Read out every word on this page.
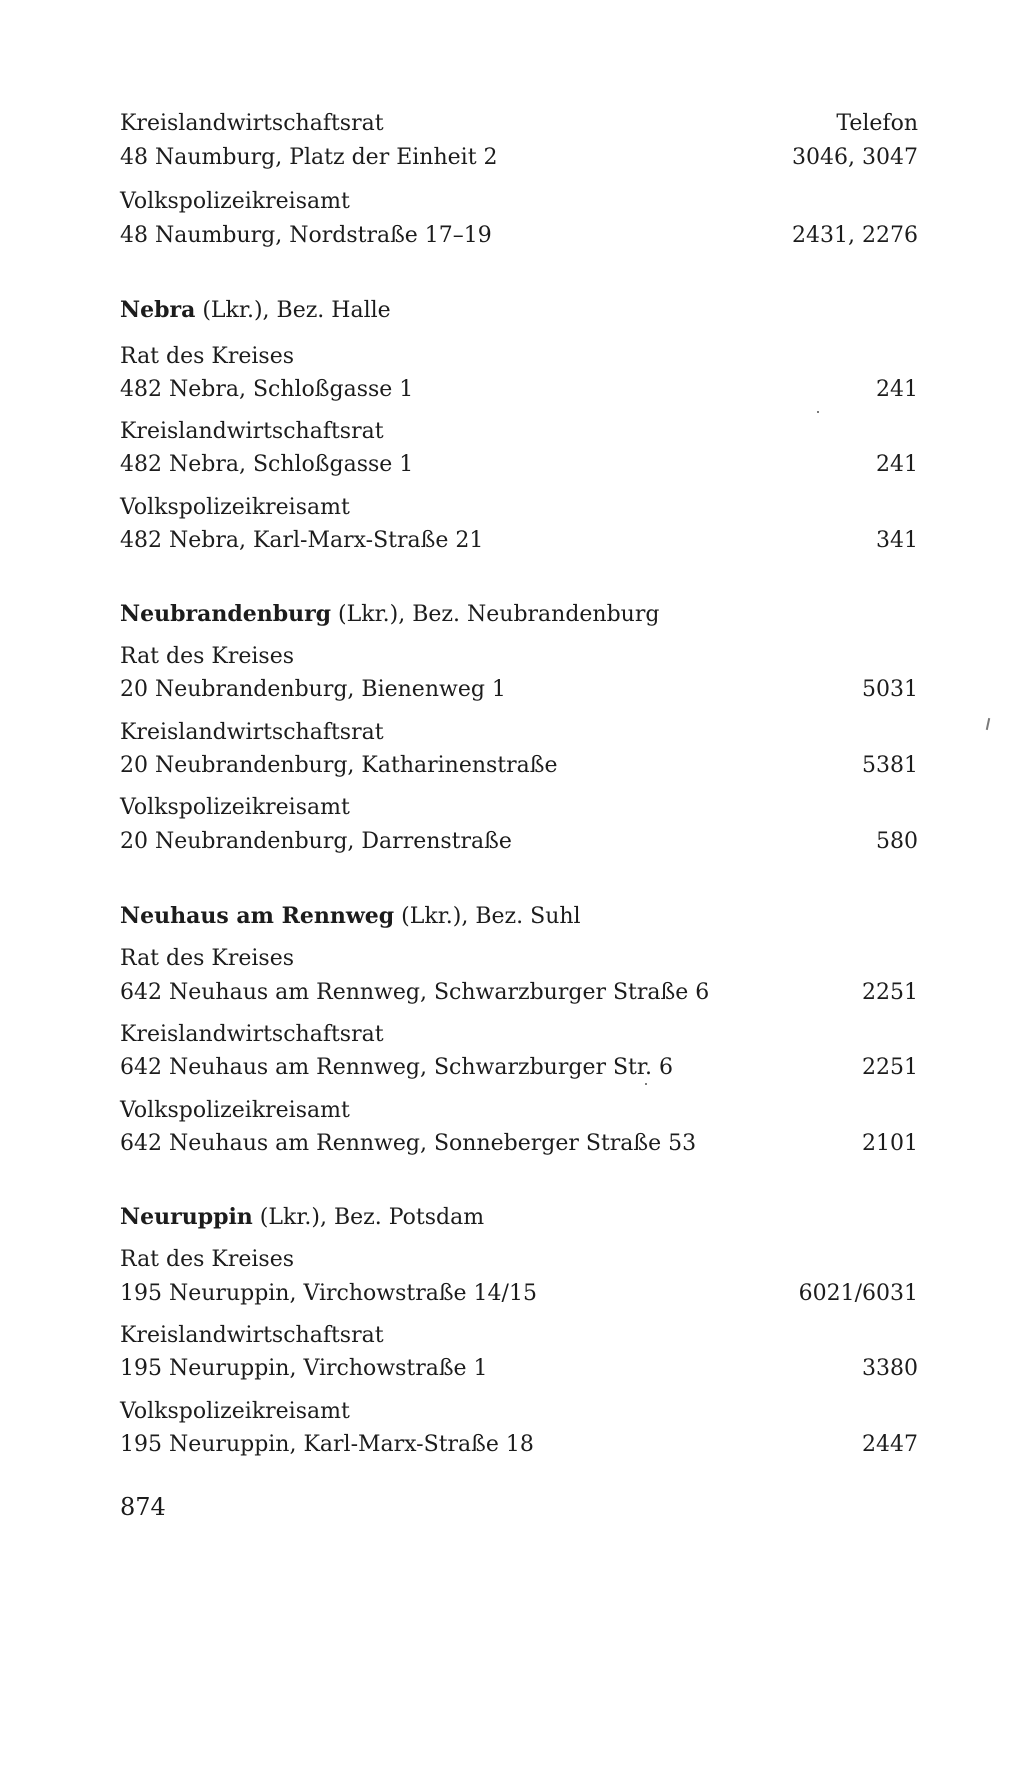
Kreislandwirtschaftsrat	Telefon
48 Naumburg, Platz der Einheit 2	3046, 3047
Volkspolizeikreisamt
48 Naumburg, Nordstraße 17–19	2431, 2276
Nebra (Lkr.), Bez. Halle
Rat des Kreises
482 Nebra, Schloßgasse 1	241
Kreislandwirtschaftsrat
482 Nebra, Schloßgasse 1	241
Volkspolizeikreisamt
482 Nebra, Karl-Marx-Straße 21	341
Neubrandenburg (Lkr.), Bez. Neubrandenburg
Rat des Kreises
20 Neubrandenburg, Bienenweg 1	5031
Kreislandwirtschaftsrat
20 Neubrandenburg, Katharinenstraße	5381
Volkspolizeikreisamt
20 Neubrandenburg, Darrenstraße	580
Neuhaus am Rennweg (Lkr.), Bez. Suhl
Rat des Kreises
642 Neuhaus am Rennweg, Schwarzburger Straße 6	2251
Kreislandwirtschaftsrat
642 Neuhaus am Rennweg, Schwarzburger Str. 6	2251
Volkspolizeikreisamt
642 Neuhaus am Rennweg, Sonneberger Straße 53	2101
Neuruppin (Lkr.), Bez. Potsdam
Rat des Kreises
195 Neuruppin, Virchowstraße 14/15	6021/6031
Kreislandwirtschaftsrat
195 Neuruppin, Virchowstraße 1	3380
Volkspolizeikreisamt
195 Neuruppin, Karl-Marx-Straße 18	2447
874
